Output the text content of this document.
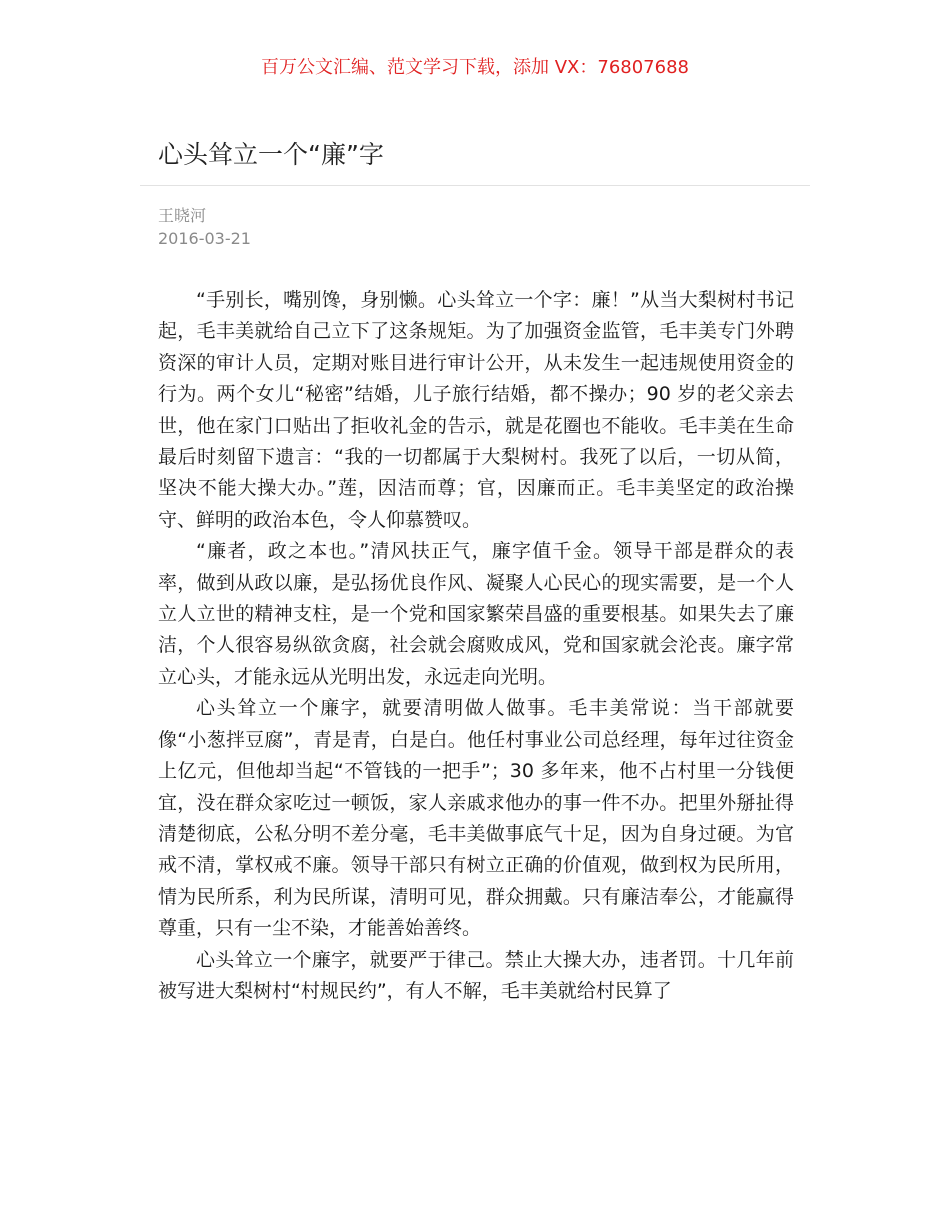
百万公文汇编、范文学习下载，添加 VX：76807688
心头耸立一个“廉”字
王晓河
2016-03-21

“手别长，嘴别馋，身别懒。心头耸立一个字：廉！”从当大梨树村书记起，毛丰美就给自己立下了这条规矩。为了加强资金监管，毛丰美专门外聘资深的审计人员，定期对账目进行审计公开，从未发生一起违规使用资金的行为。两个女儿“秘密”结婚，儿子旅行结婚，都不操办；90 岁的老父亲去世，他在家门口贴出了拒收礼金的告示，就是花圈也不能收。毛丰美在生命最后时刻留下遗言：“我的一切都属于大梨树村。我死了以后，一切从简，坚决不能大操大办。”莲，因洁而尊；官，因廉而正。毛丰美坚定的政治操守、鲜明的政治本色，令人仰慕赞叹。

“廉者，政之本也。”清风扶正气，廉字值千金。领导干部是群众的表率，做到从政以廉，是弘扬优良作风、凝聚人心民心的现实需要，是一个人立人立世的精神支柱，是一个党和国家繁荣昌盛的重要根基。如果失去了廉洁，个人很容易纵欲贪腐，社会就会腐败成风，党和国家就会沦丧。廉字常立心头，才能永远从光明出发，永远走向光明。

心头耸立一个廉字，就要清明做人做事。毛丰美常说：当干部就要像“小葱拌豆腐”，青是青，白是白。他任村事业公司总经理，每年过往资金上亿元，但他却当起“不管钱的一把手”；30 多年来，他不占村里一分钱便宜，没在群众家吃过一顿饭，家人亲戚求他办的事一件不办。把里外掰扯得清楚彻底，公私分明不差分毫，毛丰美做事底气十足，因为自身过硬。为官戒不清，掌权戒不廉。领导干部只有树立正确的价值观，做到权为民所用，情为民所系，利为民所谋，清明可见，群众拥戴。只有廉洁奉公，才能赢得尊重，只有一尘不染，才能善始善终。

心头耸立一个廉字，就要严于律己。禁止大操大办，违者罚。十几年前被写进大梨树村“村规民约”，有人不解，毛丰美就给村民算了
